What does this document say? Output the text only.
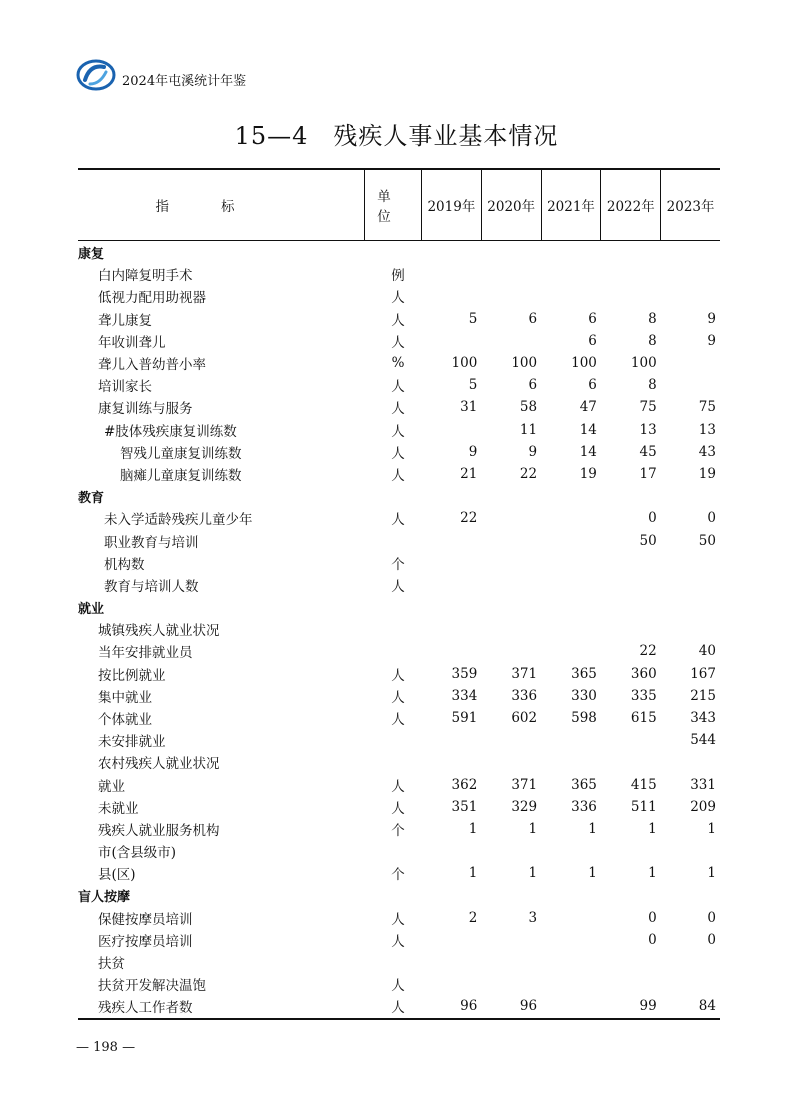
2024年屯溪统计年鉴
15—4　残疾人事业基本情况
指标	单位	2019年	2020年	2021年	2022年	2023年
康复						
白内障复明手术	例					
低视力配用助视器	人					
聋儿康复	人	5	6	6	8	9
年收训聋儿	人			6	8	9
聋儿入普幼普小率	%	100	100	100	100	
培训家长	人	5	6	6	8	
康复训练与服务	人	31	58	47	75	75
#肢体残疾康复训练数	人		11	14	13	13
智残儿童康复训练数	人	9	9	14	45	43
脑瘫儿童康复训练数	人	21	22	19	17	19
教育						
未入学适龄残疾儿童少年	人	22			0	0
职业教育与培训					50	50
机构数	个					
教育与培训人数	人					
就业						
城镇残疾人就业状况						
当年安排就业员					22	40
按比例就业	人	359	371	365	360	167
集中就业	人	334	336	330	335	215
个体就业	人	591	602	598	615	343
未安排就业						544
农村残疾人就业状况						
就业	人	362	371	365	415	331
未就业	人	351	329	336	511	209
残疾人就业服务机构	个	1	1	1	1	1
市(含县级市)						
县(区)	个	1	1	1	1	1
盲人按摩						
保健按摩员培训	人	2	3		0	0
医疗按摩员培训	人				0	0
扶贫						
扶贫开发解决温饱	人					
残疾人工作者数	人	96	96		99	84
— 198 —
